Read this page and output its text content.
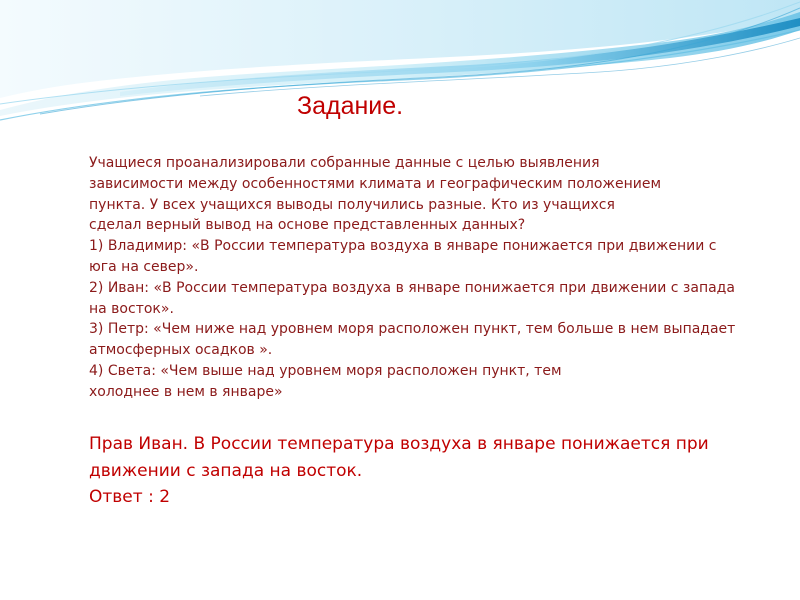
Задание.
Учащиеся проанализировали собранные данные с целью выявления
зависимости между особенностями климата и географическим положением
пункта. У всех учащихся выводы получились разные. Кто из учащихся
сделал верный вывод на основе представленных данных?
1) Владимир: «В России температура воздуха в январе понижается при движении с
юга на север».
2) Иван: «В России температура воздуха в январе понижается при движении с запада
на восток».
3) Петр: «Чем ниже над уровнем моря расположен пункт, тем больше в нем выпадает
атмосферных осадков ».
4) Света: «Чем выше над уровнем моря расположен пункт, тем
холоднее в нем в январе»
Прав Иван. В России температура воздуха в январе понижается при
движении с запада на восток.
Ответ : 2
